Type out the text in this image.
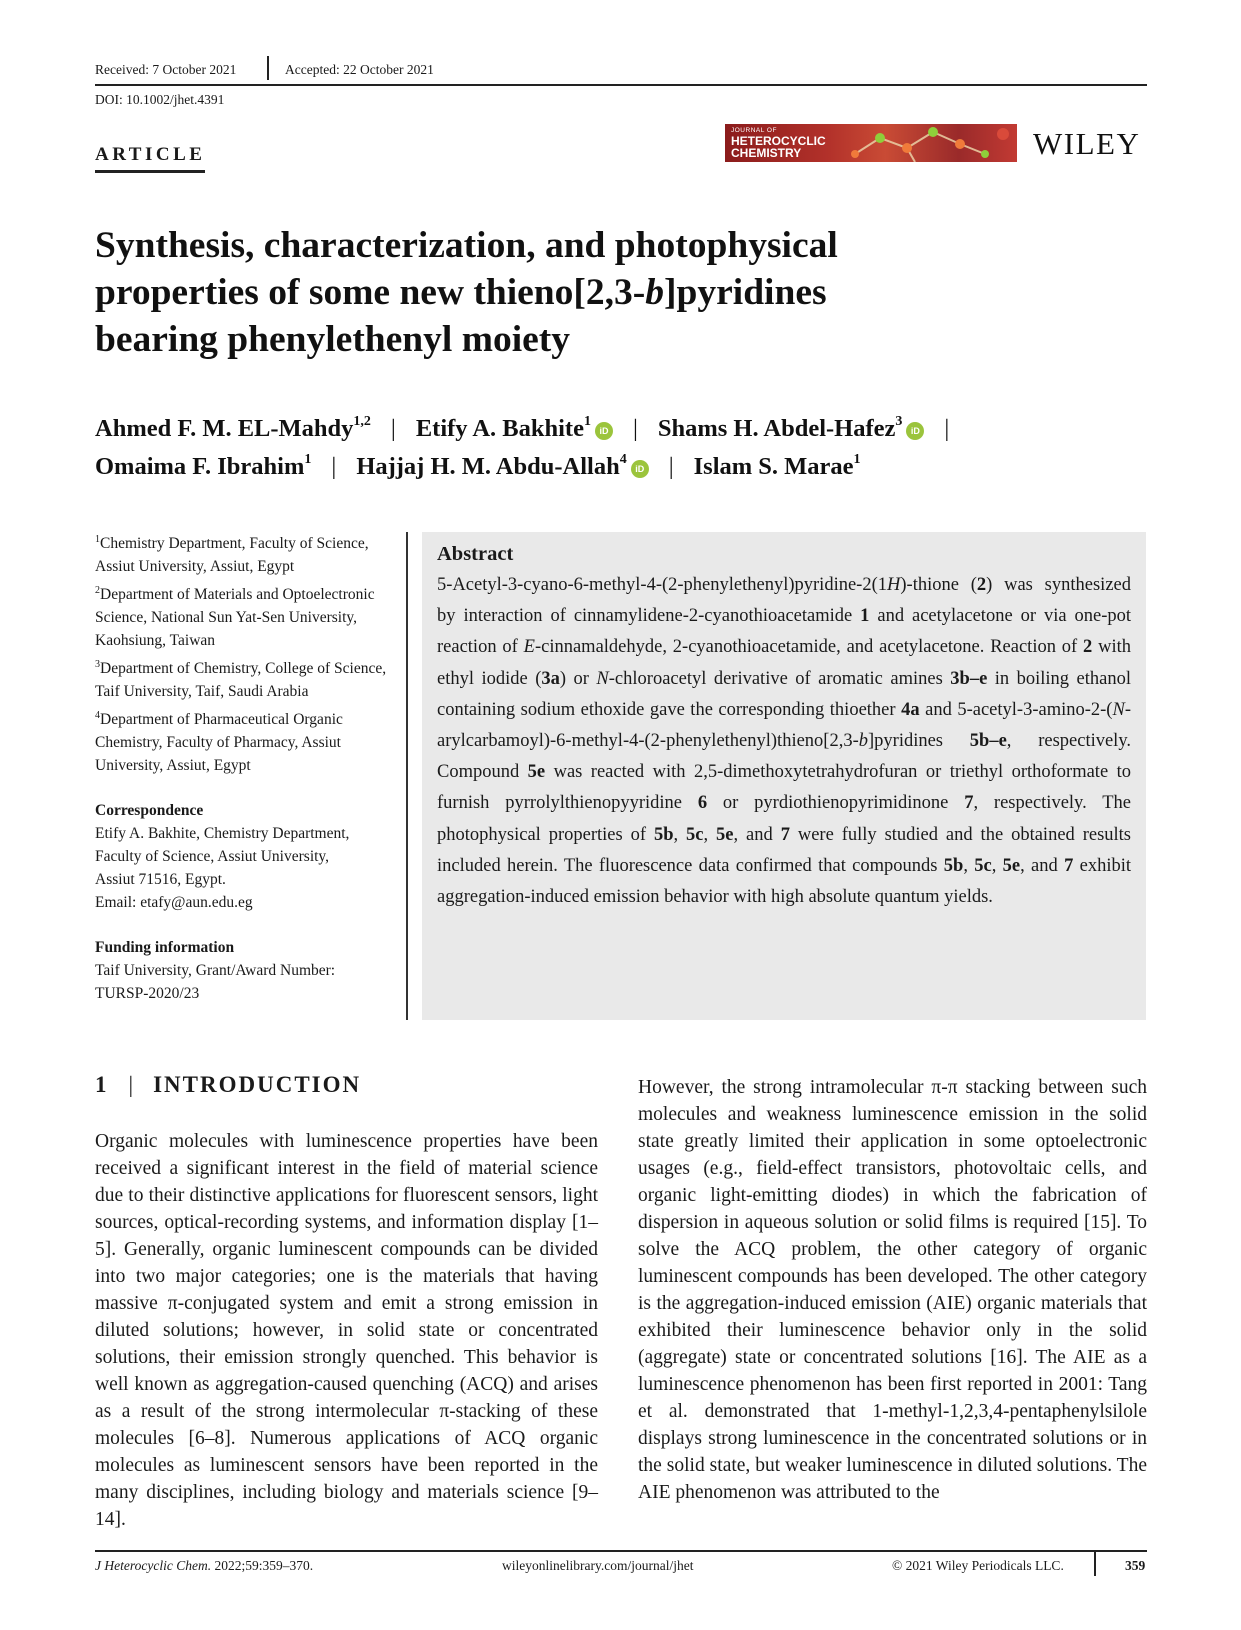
Received: 7 October 2021	Accepted: 22 October 2021
DOI: 10.1002/jhet.4391
ARTICLE
JOURNAL OF
HETEROCYCLIC
CHEMISTRY	WILEY
Synthesis, characterization, and photophysical
properties of some new thieno[2,3-b]pyridines
bearing phenylethenyl moiety
Ahmed F. M. EL-Mahdy$^{1,2}$ | Etify A. Bakhite$^1$iD | Shams H. Abdel-Hafez$^3$iD |
Omaima F. Ibrahim$^1$ | Hajjaj H. M. Abdu-Allah$^4$iD | Islam S. Marae$^1$

$^1$Chemistry Department, Faculty of Science, Assiut University, Assiut, Egypt

$^2$Department of Materials and Optoelectronic Science, National Sun Yat-Sen University, Kaohsiung, Taiwan

$^3$Department of Chemistry, College of Science, Taif University, Taif, Saudi Arabia

$^4$Department of Pharmaceutical Organic Chemistry, Faculty of Pharmacy, Assiut University, Assiut, Egypt

Correspondence
Etify A. Bakhite, Chemistry Department,
Faculty of Science, Assiut University,
Assiut 71516, Egypt.
Email: etafy@aun.edu.eg
Funding information
Taif University, Grant/Award Number:
TURSP-2020/23
Abstract

5-Acetyl-3-cyano-6-methyl-4-(2-phenylethenyl)pyridine-2(1H)-thione (2) was synthesized by interaction of cinnamylidene-2-cyanothioacetamide 1 and acetylacetone or via one-pot reaction of E-cinnamaldehyde, 2-cyanothioacetamide, and acetylacetone. Reaction of 2 with ethyl iodide (3a) or N-chloroacetyl derivative of aromatic amines 3b–e in boiling ethanol containing sodium ethoxide gave the corresponding thioether 4a and 5-acetyl-3-amino-2-(N-arylcarbamoyl)-6-methyl-4-(2-phenylethenyl)thieno[2,3-b]pyridines 5b–e, respectively. Compound 5e was reacted with 2,5-dimethoxytetrahydrofuran or triethyl orthoformate to furnish pyrrolylthienopyyridine 6 or pyrdiothienopyrimidinone 7, respectively. The photophysical properties of 5b, 5c, 5e, and 7 were fully studied and the obtained results included herein. The fluorescence data confirmed that compounds 5b, 5c, 5e, and 7 exhibit aggregation-induced emission behavior with high absolute quantum yields.

1 | INTRODUCTION

Organic molecules with luminescence properties have been received a significant interest in the field of material science due to their distinctive applications for fluorescent sensors, light sources, optical-recording systems, and information display [1–5]. Generally, organic luminescent compounds can be divided into two major categories; one is the materials that having massive π-conjugated system and emit a strong emission in diluted solutions; however, in solid state or concentrated solutions, their emission strongly quenched. This behavior is well known as aggregation-caused quenching (ACQ) and arises as a result of the strong intermolecular π-stacking of these molecules [6–8]. Numerous applications of ACQ organic molecules as luminescent sensors have been reported in the many disciplines, including biology and materials science [9–14].

However, the strong intramolecular π-π stacking between such molecules and weakness luminescence emission in the solid state greatly limited their application in some optoelectronic usages (e.g., field-effect transistors, photovoltaic cells, and organic light-emitting diodes) in which the fabrication of dispersion in aqueous solution or solid films is required [15]. To solve the ACQ problem, the other category of organic luminescent compounds has been developed. The other category is the aggregation-induced emission (AIE) organic materials that exhibited their luminescence behavior only in the solid (aggregate) state or concentrated solutions [16]. The AIE as a luminescence phenomenon has been first reported in 2001: Tang et al. demonstrated that 1-methyl-1,2,3,4-pentaphenylsilole displays strong luminescence in the concentrated solutions or in the solid state, but weaker luminescence in diluted solutions. The AIE phenomenon was attributed to the

J Heterocyclic Chem. 2022;59:359–370.	wileyonlinelibrary.com/journal/jhet	© 2021 Wiley Periodicals LLC.	359
